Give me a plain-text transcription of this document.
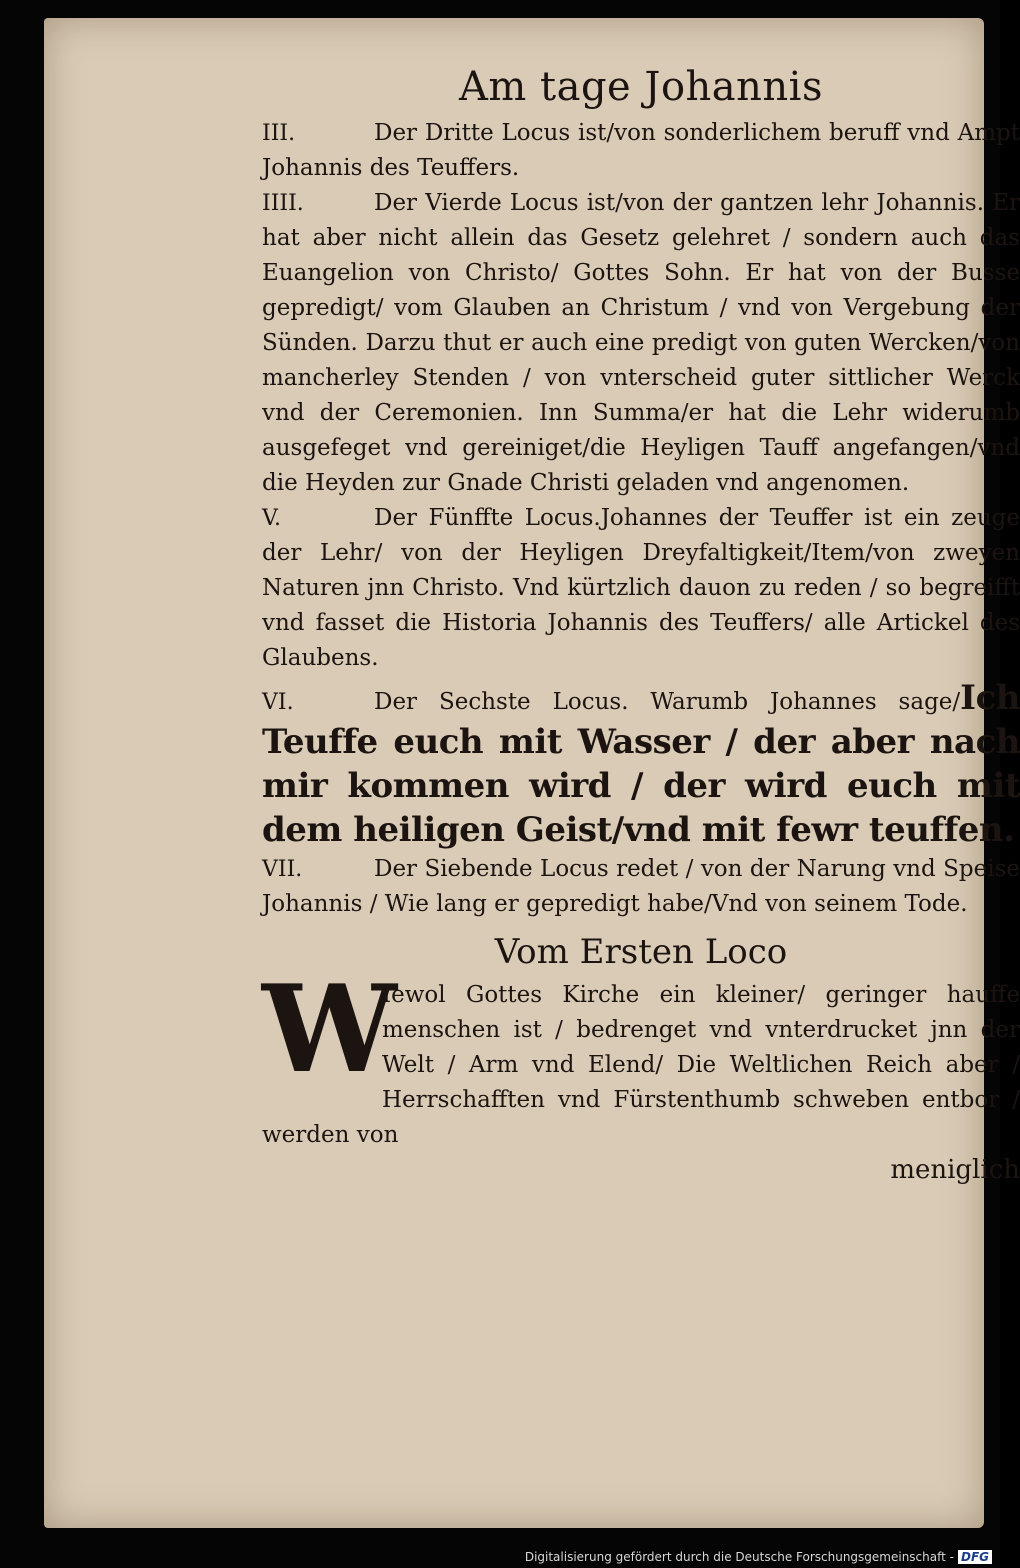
Am tage Johannis

III.	Der Dritte Locus ist/von sonderlichem beruff vnd Ampt Johannis des Teuffers.

IIII.	Der Vierde Locus ist/von der gantzen lehr Johannis. Er hat aber nicht allein das Gesetz gelehret / sondern auch das Euangelion von Christo/ Gottes Sohn. Er hat von der Busse gepredigt/ vom Glauben an Christum / vnd von Vergebung der Sünden. Darzu thut er auch eine predigt von guten Wercken/von mancherley Stenden / von vnterscheid guter sittlicher Werck vnd der Ceremonien. Inn Summa/er hat die Lehr widerumb ausgefeget vnd gereiniget/die Heyligen Tauff angefangen/vnd die Heyden zur Gnade Christi geladen vnd angenomen.

V.	Der Fünffte Locus.Johannes der Teuffer ist ein zeuge der Lehr/ von der Heyligen Dreyfaltigkeit/Item/von zweyen Naturen jnn Christo. Vnd kürtzlich dauon zu reden / so begreifft vnd fasset die Historia Johannis des Teuffers/ alle Artickel des Glaubens.

VI.	Der Sechste Locus. Warumb Johannes sage/Ich Teuffe euch mit Wasser / der aber nach mir kommen wird / der wird euch mit dem heiligen Geist/vnd mit fewr teuffen.

VII.	Der Siebende Locus redet / von der Narung vnd Speise Johannis / Wie lang er gepredigt habe/Vnd von seinem Tode.

Vom Ersten Loco
W

Iewol Gottes Kirche ein kleiner/ geringer hauffe menschen ist / bedrenget vnd vnterdrucket jnn der Welt / Arm vnd Elend/ Die Weltlichen Reich aber / Herrschafften vnd Fürstenthumb schweben entbor / werden von

meniglich
Digitalisierung gefördert durch die Deutsche Forschungsgemeinschaft - DFG
